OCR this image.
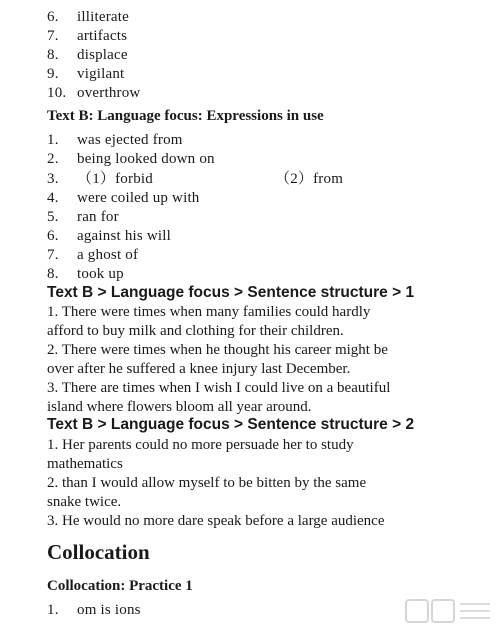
6. illiterate
7. artifacts
8. displace
9. vigilant
10. overthrow
Text B: Language focus: Expressions in use
1. was ejected from
2. being looked down on
3. （1）forbid	（2）from
4. were coiled up with
5. ran for
6. against his will
7. a ghost of
8. took up
Text B > Language focus > Sentence structure > 1
1. There were times when many families could hardly
afford to buy milk and clothing for their children.
2. There were times when he thought his career might be
over after he suffered a knee injury last December.
3. There are times when I wish I could live on a beautiful
island where flowers bloom all year around.
Text B > Language focus > Sentence structure > 2
1. Her parents could no more persuade her to study
mathematics
2. than I would allow myself to be bitten by the same
snake twice.
3. He would no more dare speak before a large audience
Collocation
Collocation: Practice 1
1. om is ions
